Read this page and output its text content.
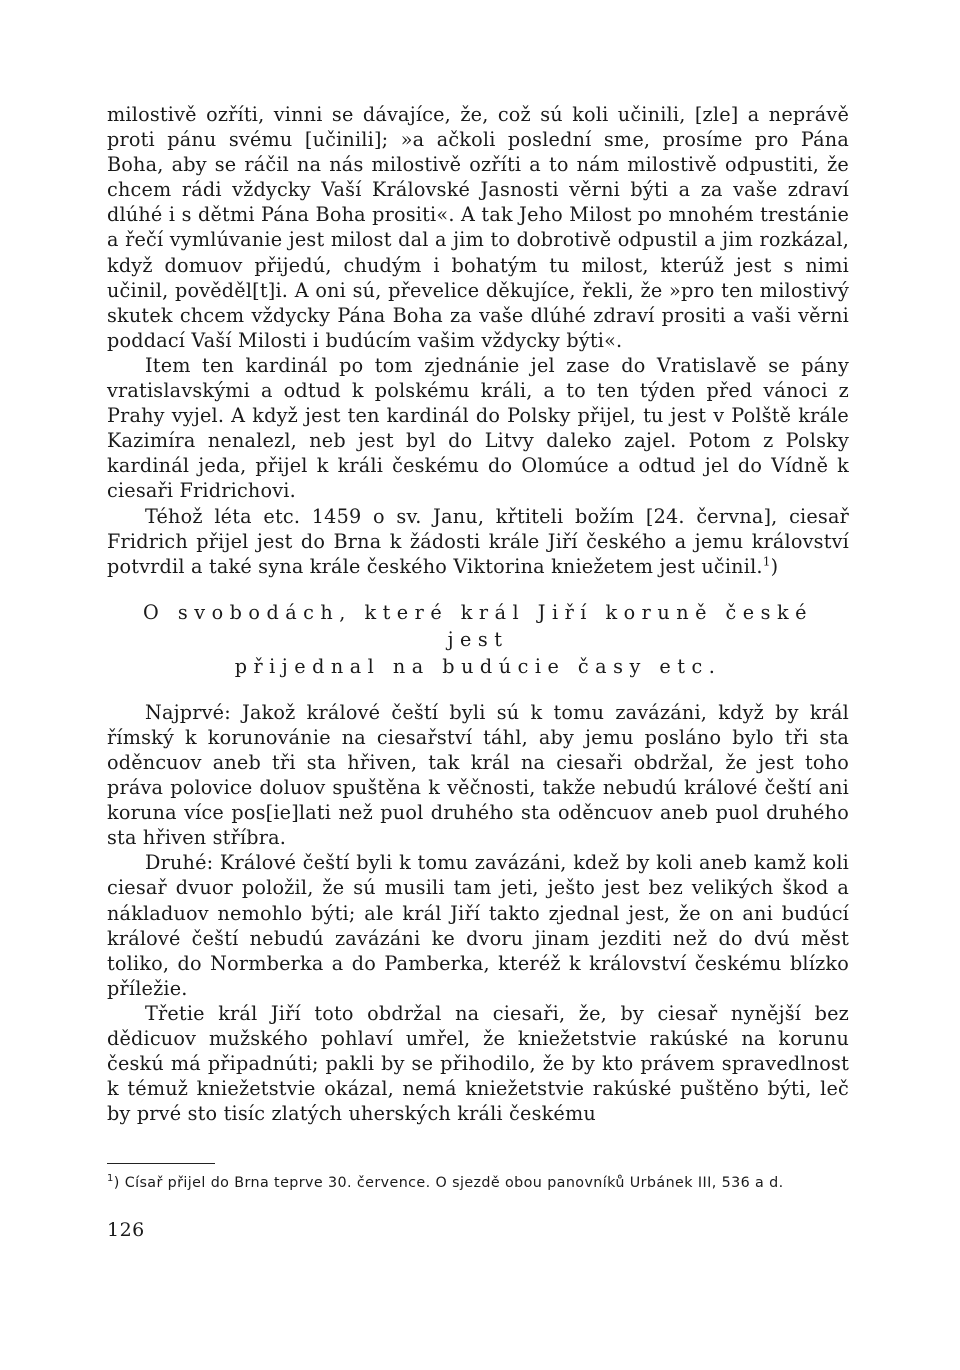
milostivě ozříti, vinni se dávajíce, že, což sú koli učinili, [zle] a neprávě proti pánu svému [učinili]; »a ačkoli poslední sme, prosíme pro Pána Boha, aby se ráčil na nás milostivě ozříti a to nám milostivě odpustiti, že chcem rádi vždycky Vaší Královské Jasnosti věrni býti a za vaše zdraví dlúhé i s dětmi Pána Boha prositi«. A tak Jeho Milost po mnohém trestánie a řečí vymlúvanie jest milost dal a jim to dobrotivě odpustil a jim rozkázal, když domuov přijedú, chudým i bohatým tu milost, kterúž jest s nimi učinil, pověděl[t]i. A oni sú, převelice děkujíce, řekli, že »pro ten milostivý skutek chcem vždycky Pána Boha za vaše dlúhé zdraví prositi a vaši věrni poddací Vaší Milosti i budúcím vašim vždycky býti«.

Item ten kardinál po tom zjednánie jel zase do Vratislavě se pány vratislavskými a odtud k polskému králi, a to ten týden před vánoci z Prahy vyjel. A když jest ten kardinál do Polsky přijel, tu jest v Polště krále Kazimíra nenalezl, neb jest byl do Litvy daleko zajel. Potom z Polsky kardinál jeda, přijel k králi českému do Olomúce a odtud jel do Vídně k ciesaři Fridrichovi.

Téhož léta etc. 1459 o sv. Janu, křtiteli božím [24. června], ciesař Fridrich přijel jest do Brna k žádosti krále Jiří českého a jemu království potvrdil a také syna krále českého Viktorina kniežetem jest učinil.$^1$)

O svobodách, které král Jiří koruně české jest
přijednal na budúcie časy etc.

Najprvé: Jakož králové čeští byli sú k tomu zavázáni, když by král římský k korunovánie na ciesařství táhl, aby jemu posláno bylo tři sta oděncuov aneb tři sta hřiven, tak král na ciesaři obdržal, že jest toho práva polovice doluov spuštěna k věčnosti, takže nebudú králové čeští ani koruna více pos[ie]lati než puol druhého sta oděncuov aneb puol druhého sta hřiven stříbra.

Druhé: Králové čeští byli k tomu zavázáni, kdež by koli aneb kamž koli ciesař dvuor položil, že sú musili tam jeti, ješto jest bez velikých škod a nákladuov nemohlo býti; ale král Jiří takto zjednal jest, že on ani budúcí králové čeští nebudú zavázáni ke dvoru jinam jezditi než do dvú měst toliko, do Normberka a do Pamberka, kteréž k království českému blízko příležie.

Třetie král Jiří toto obdržal na ciesaři, že, by ciesař nynější bez dědicuov mužského pohlaví umřel, že kniežetstvie rakúské na korunu českú má připadnúti; pakli by se přihodilo, že by kto právem spravedlnost k témuž kniežetstvie okázal, nemá kniežetstvie rakúské puštěno býti, leč by prvé sto tisíc zlatých uherských králi českému

$^1$) Císař přijel do Brna teprve 30. července. O sjezdě obou panovníků Urbánek III, 536 a d.
126
